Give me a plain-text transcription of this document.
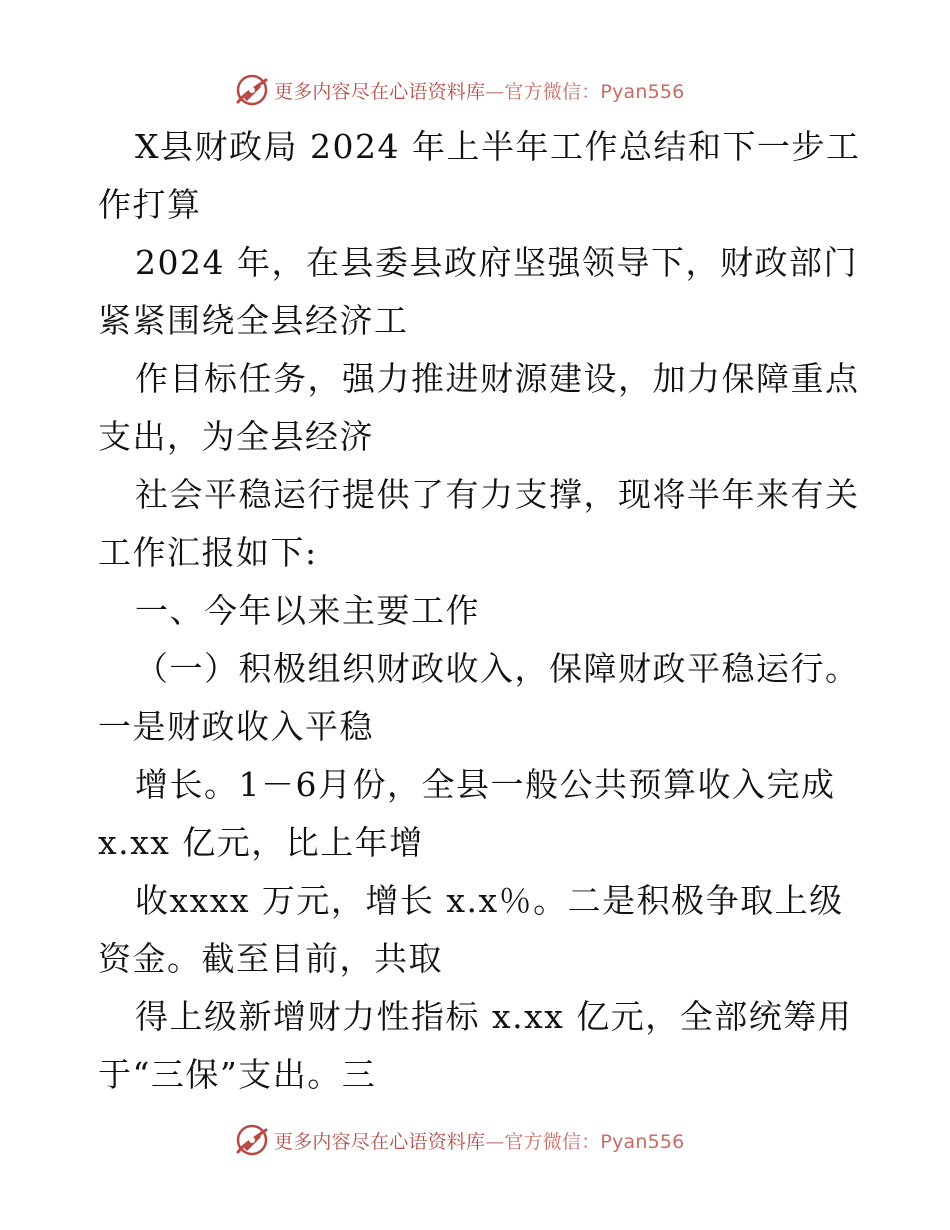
更多内容尽在心语资料库—官方微信：Pyan556
X县财政局 2024 年上半年工作总结和下一步工
作打算
2024 年，在县委县政府坚强领导下，财政部门
紧紧围绕全县经济工
作目标任务，强力推进财源建设，加力保障重点
支出，为全县经济
社会平稳运行提供了有力支撑，现将半年来有关
工作汇报如下:
一、今年以来主要工作
（一）积极组织财政收入，保障财政平稳运行。
一是财政收入平稳
增长。1－6月份，全县一般公共预算收入完成
x.xx 亿元，比上年增
收xxxx 万元，增长 x.x％。二是积极争取上级
资金。截至目前，共取
得上级新增财力性指标 x.xx 亿元，全部统筹用
于“三保”支出。三
更多内容尽在心语资料库—官方微信：Pyan556
